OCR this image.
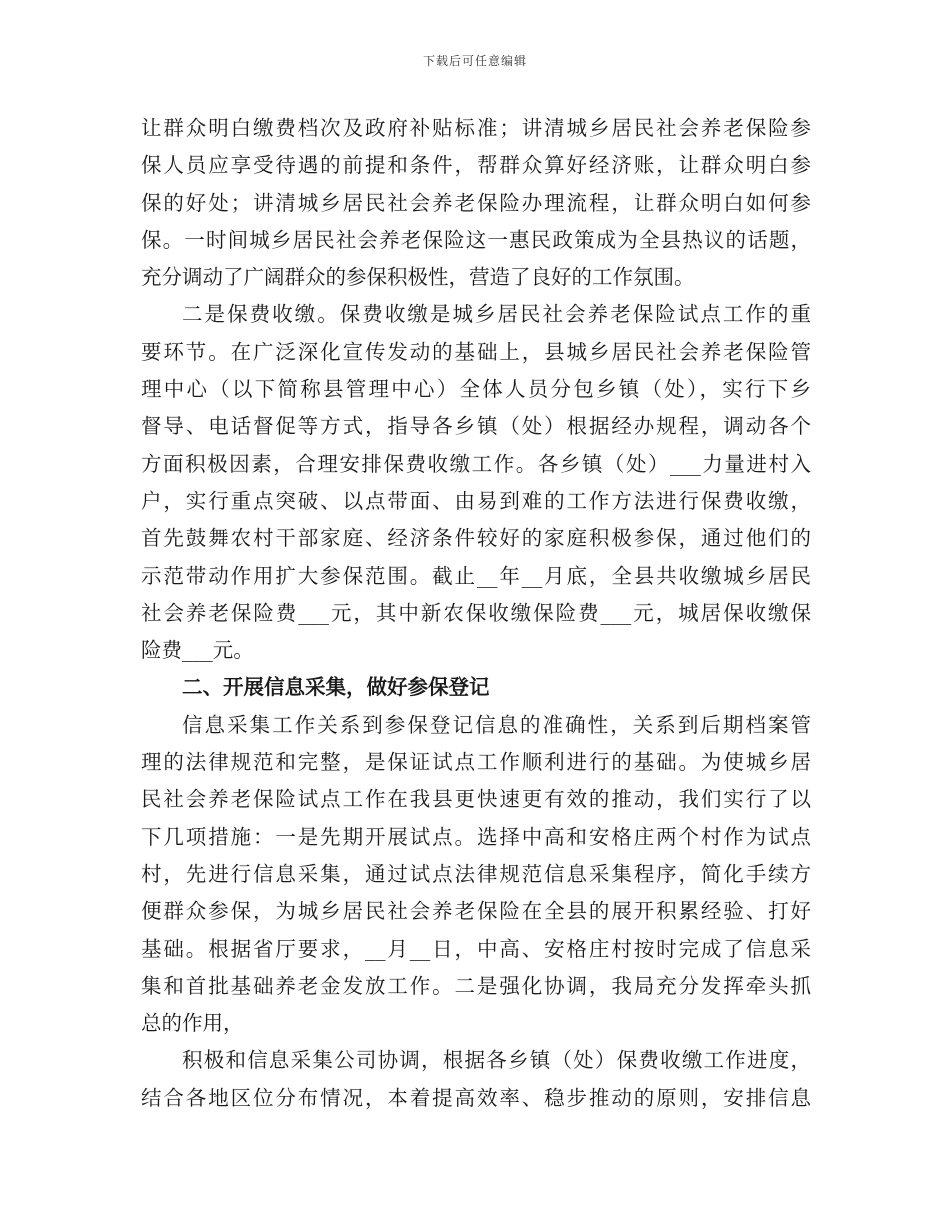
下载后可任意编辑
让群众明白缴费档次及政府补贴标准；讲清城乡居民社会养老保险参
保人员应享受待遇的前提和条件，帮群众算好经济账，让群众明白参
保的好处；讲清城乡居民社会养老保险办理流程，让群众明白如何参
保。一时间城乡居民社会养老保险这一惠民政策成为全县热议的话题，
充分调动了广阔群众的参保积极性，营造了良好的工作氛围。
二是保费收缴。保费收缴是城乡居民社会养老保险试点工作的重
要环节。在广泛深化宣传发动的基础上，县城乡居民社会养老保险管
理中心（以下简称县管理中心）全体人员分包乡镇（处），实行下乡
督导、电话督促等方式，指导各乡镇（处）根据经办规程，调动各个
方面积极因素，合理安排保费收缴工作。各乡镇（处）___力量进村入
户，实行重点突破、以点带面、由易到难的工作方法进行保费收缴，
首先鼓舞农村干部家庭、经济条件较好的家庭积极参保，通过他们的
示范带动作用扩大参保范围。截止__年__月底，全县共收缴城乡居民
社会养老保险费___元，其中新农保收缴保险费___元，城居保收缴保
险费___元。
二、开展信息采集，做好参保登记
信息采集工作关系到参保登记信息的准确性，关系到后期档案管
理的法律规范和完整，是保证试点工作顺利进行的基础。为使城乡居
民社会养老保险试点工作在我县更快速更有效的推动，我们实行了以
下几项措施：一是先期开展试点。选择中高和安格庄两个村作为试点
村，先进行信息采集，通过试点法律规范信息采集程序，简化手续方
便群众参保，为城乡居民社会养老保险在全县的展开积累经验、打好
基础。根据省厅要求，__月__日，中高、安格庄村按时完成了信息采
集和首批基础养老金发放工作。二是强化协调，我局充分发挥牵头抓
总的作用，
积极和信息采集公司协调，根据各乡镇（处）保费收缴工作进度，
结合各地区位分布情况，本着提高效率、稳步推动的原则，安排信息
